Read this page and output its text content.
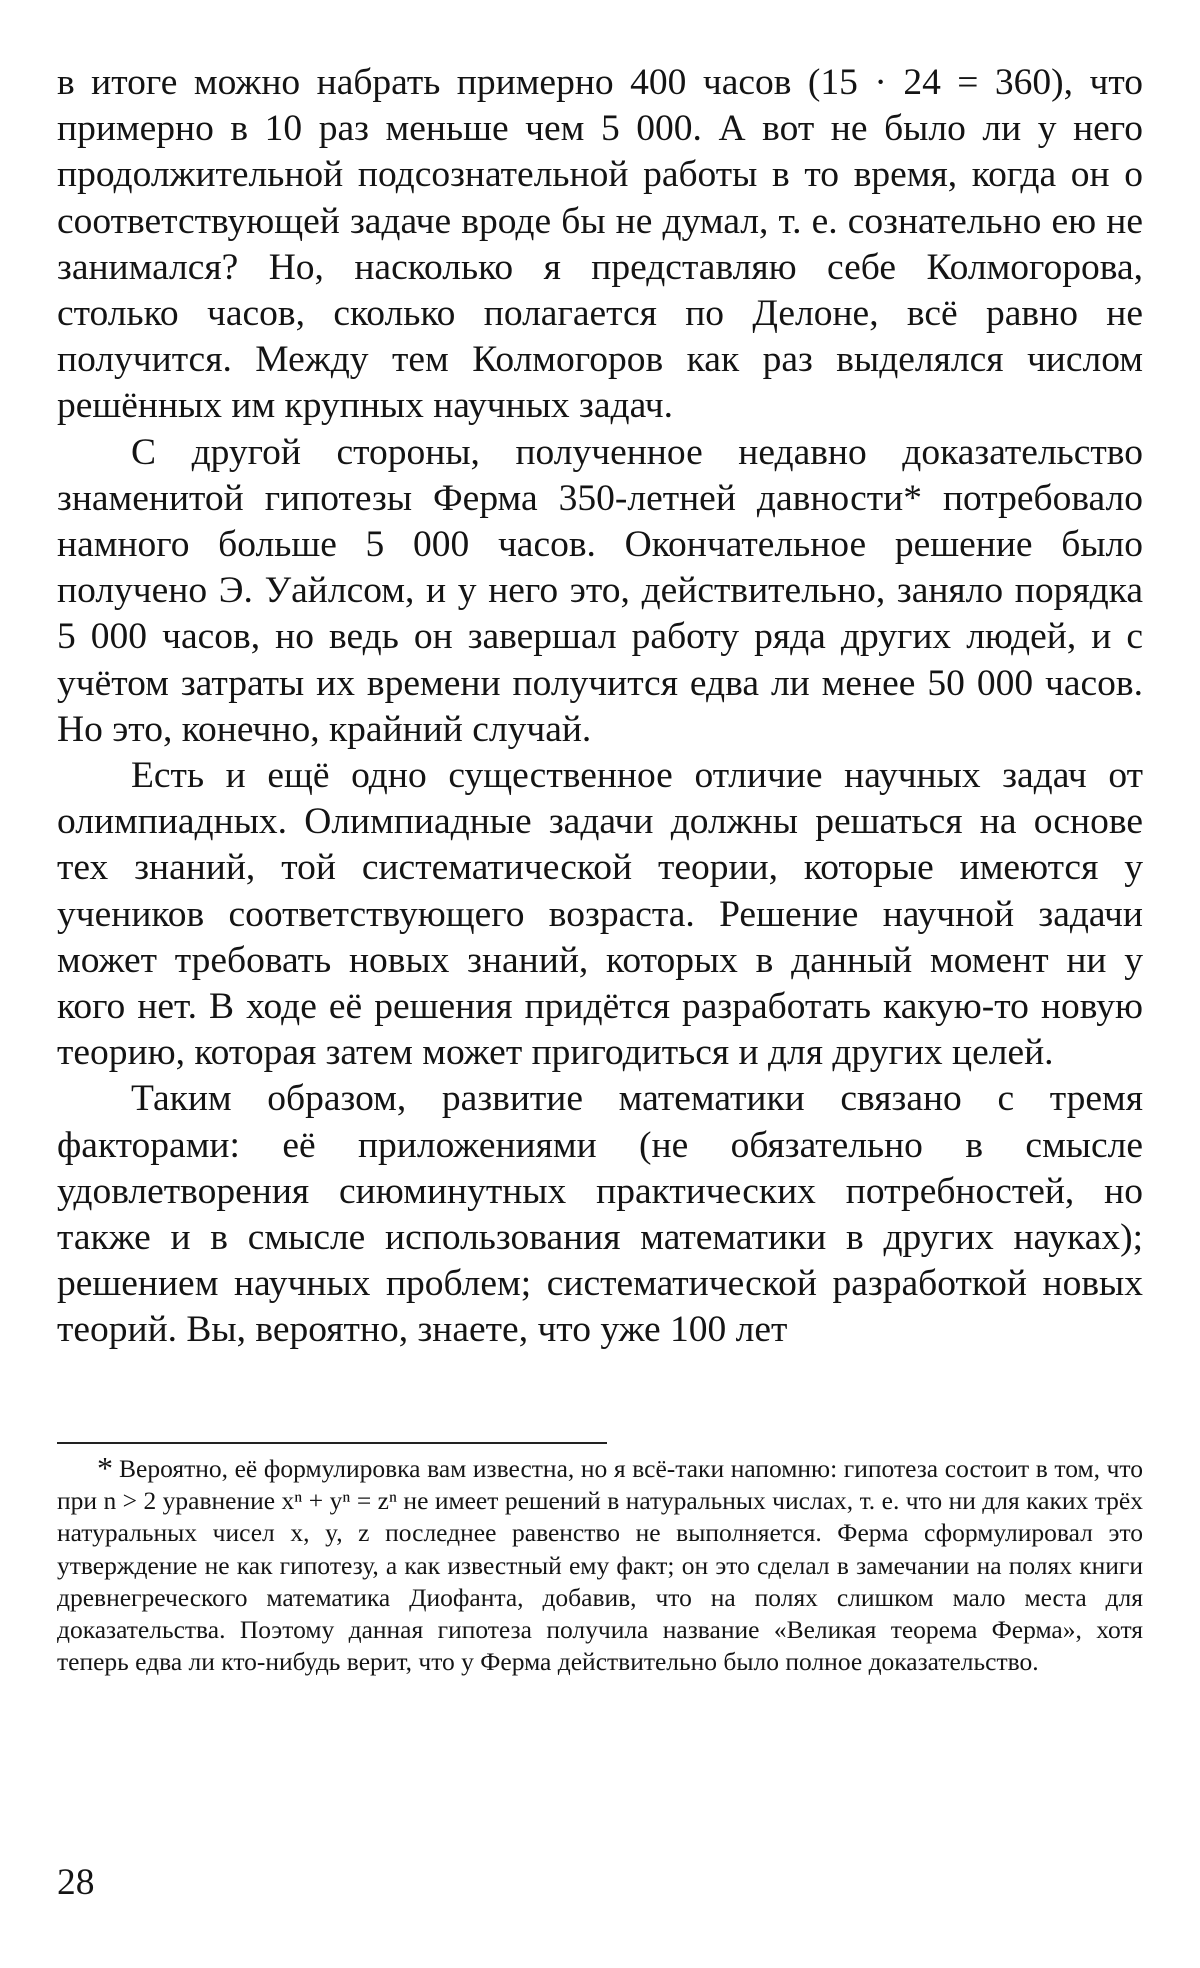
в итоге можно набрать примерно 400 часов (15 · 24 = 360), что примерно в 10 раз меньше чем 5 000. А вот не было ли у него продолжительной подсознательной работы в то время, когда он о соответствующей задаче вроде бы не думал, т. е. сознательно ею не занимался? Но, насколько я представляю себе Колмогорова, столько часов, сколько полагается по Делоне, всё равно не получится. Между тем Колмогоров как раз выделялся числом решённых им крупных научных задач.

С другой стороны, полученное недавно доказательство знаменитой гипотезы Ферма 350-летней давности* потребовало намного больше 5 000 часов. Окончательное решение было получено Э. Уайлсом, и у него это, действительно, заняло порядка 5 000 часов, но ведь он завершал работу ряда других людей, и с учётом затраты их времени получится едва ли менее 50 000 часов. Но это, конечно, крайний случай.

Есть и ещё одно существенное отличие научных задач от олимпиадных. Олимпиадные задачи должны решаться на основе тех знаний, той систематической теории, которые имеются у учеников соответствующего возраста. Решение научной задачи может требовать новых знаний, которых в данный момент ни у кого нет. В ходе её решения придётся разработать какую-то новую теорию, которая затем может пригодиться и для других целей.

Таким образом, развитие математики связано с тремя факторами: её приложениями (не обязательно в смысле удовлетворения сиюминутных практических потребностей, но также и в смысле использования математики в других науках); решением научных проблем; систематической разработкой новых теорий. Вы, вероятно, знаете, что уже 100 лет

* Вероятно, её формулировка вам известна, но я всё-таки напомню: гипотеза состоит в том, что при n > 2 уравнение xⁿ + yⁿ = zⁿ не имеет решений в натуральных числах, т. е. что ни для каких трёх натуральных чисел x, y, z последнее равенство не выполняется. Ферма сформулировал это утверждение не как гипотезу, а как известный ему факт; он это сделал в замечании на полях книги древнегреческого математика Диофанта, добавив, что на полях слишком мало места для доказательства. Поэтому данная гипотеза получила название «Великая теорема Ферма», хотя теперь едва ли кто-нибудь верит, что у Ферма действительно было полное доказательство.

28
